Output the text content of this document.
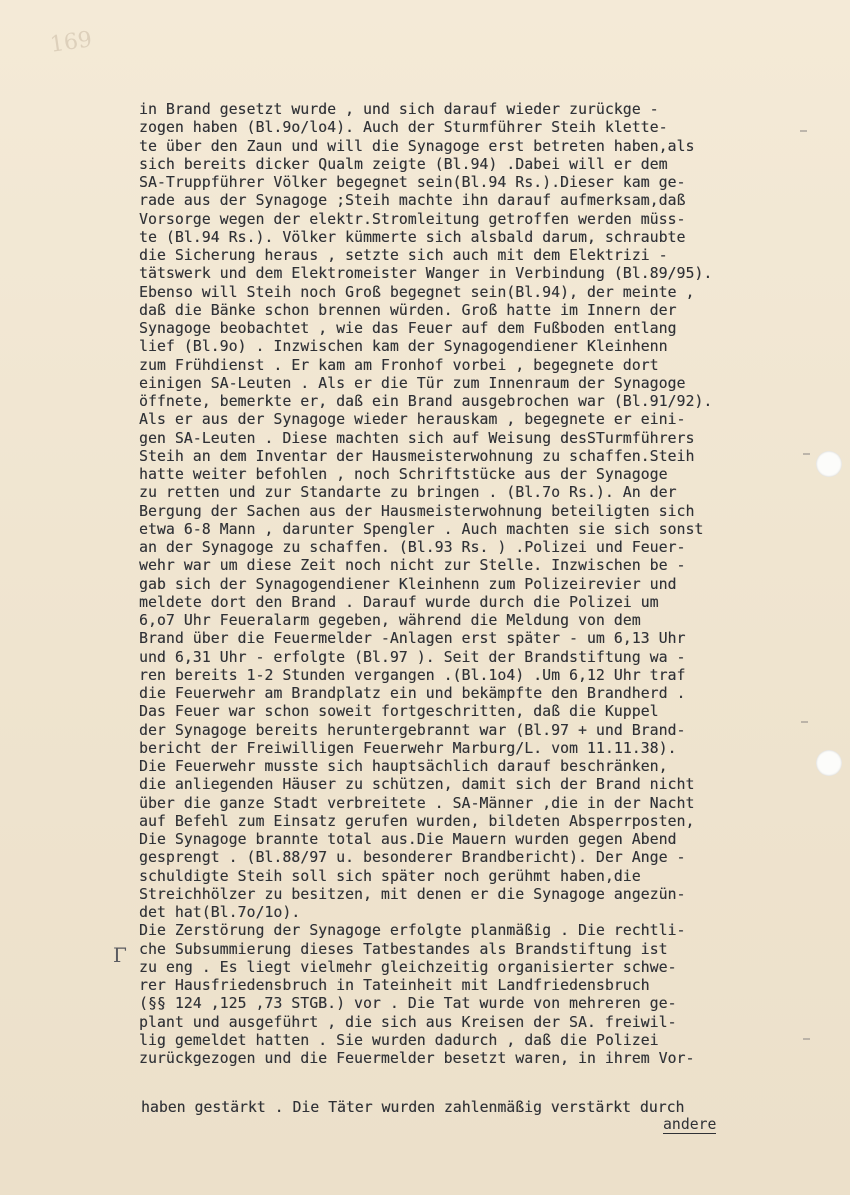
169
in Brand gesetzt wurde , und sich darauf wieder zurückge -
zogen haben (Bl.9o/lo4). Auch der Sturmführer Steih klette-
te über den Zaun und will die Synagoge erst betreten haben,als
sich bereits dicker Qualm zeigte (Bl.94) .Dabei will er dem
SA-Truppführer Völker begegnet sein(Bl.94 Rs.).Dieser kam ge-
rade aus der Synagoge ;Steih machte ihn darauf aufmerksam,daß
Vorsorge wegen der elektr.Stromleitung getroffen werden müss-
te (Bl.94 Rs.). Völker kümmerte sich alsbald darum, schraubte
die Sicherung heraus , setzte sich auch mit dem Elektrizi -
tätswerk und dem Elektromeister Wanger in Verbindung (Bl.89/95).
Ebenso will Steih noch Groß begegnet sein(Bl.94), der meinte ,
daß die Bänke schon brennen würden. Groß hatte im Innern der
Synagoge beobachtet , wie das Feuer auf dem Fußboden entlang
lief (Bl.9o) . Inzwischen kam der Synagogendiener Kleinhenn
zum Frühdienst . Er kam am Fronhof vorbei , begegnete dort
einigen SA-Leuten . Als er die Tür zum Innenraum der Synagoge
öffnete, bemerkte er, daß ein Brand ausgebrochen war (Bl.91/92).
Als er aus der Synagoge wieder herauskam , begegnete er eini-
gen SA-Leuten . Diese machten sich auf Weisung desSTurmführers
Steih an dem Inventar der Hausmeisterwohnung zu schaffen.Steih
hatte weiter befohlen , noch Schriftstücke aus der Synagoge
zu retten und zur Standarte zu bringen . (Bl.7o Rs.). An der
Bergung der Sachen aus der Hausmeisterwohnung beteiligten sich
etwa 6-8 Mann , darunter Spengler . Auch machten sie sich sonst
an der Synagoge zu schaffen. (Bl.93 Rs. ) .Polizei und Feuer-
wehr war um diese Zeit noch nicht zur Stelle. Inzwischen be -
gab sich der Synagogendiener Kleinhenn zum Polizeirevier und
meldete dort den Brand . Darauf wurde durch die Polizei um
6,o7 Uhr Feueralarm gegeben, während die Meldung von dem
Brand über die Feuermelder -Anlagen erst später - um 6,13 Uhr
und 6,31 Uhr - erfolgte (Bl.97 ). Seit der Brandstiftung wa -
ren bereits 1-2 Stunden vergangen .(Bl.1o4) .Um 6,12 Uhr traf
die Feuerwehr am Brandplatz ein und bekämpfte den Brandherd .
Das Feuer war schon soweit fortgeschritten, daß die Kuppel
der Synagoge bereits heruntergebrannt war (Bl.97 + und Brand-
bericht der Freiwilligen Feuerwehr Marburg/L. vom 11.11.38).
Die Feuerwehr musste sich hauptsächlich darauf beschränken,
die anliegenden Häuser zu schützen, damit sich der Brand nicht
über die ganze Stadt verbreitete . SA-Männer ,die in der Nacht
auf Befehl zum Einsatz gerufen wurden, bildeten Absperrposten,
Die Synagoge brannte total aus.Die Mauern wurden gegen Abend
gesprengt . (Bl.88/97 u. besonderer Brandbericht). Der Ange -
schuldigte Steih soll sich später noch gerühmt haben,die
Streichhölzer zu besitzen, mit denen er die Synagoge angezün-
det hat(Bl.7o/1o).
Die Zerstörung der Synagoge erfolgte planmäßig . Die rechtli-
che Subsummierung dieses Tatbestandes als Brandstiftung ist
zu eng . Es liegt vielmehr gleichzeitig organisierter schwe-
rer Hausfriedensbruch in Tateinheit mit Landfriedensbruch
(§§ 124 ,125 ,73 STGB.) vor . Die Tat wurde von mehreren ge-
plant und ausgeführt , die sich aus Kreisen der SA. freiwil-
lig gemeldet hatten . Sie wurden dadurch , daß die Polizei
zurückgezogen und die Feuermelder besetzt waren, in ihrem Vor-
haben gestärkt . Die Täter wurden zahlenmäßig verstärkt durch
andere
Γ
